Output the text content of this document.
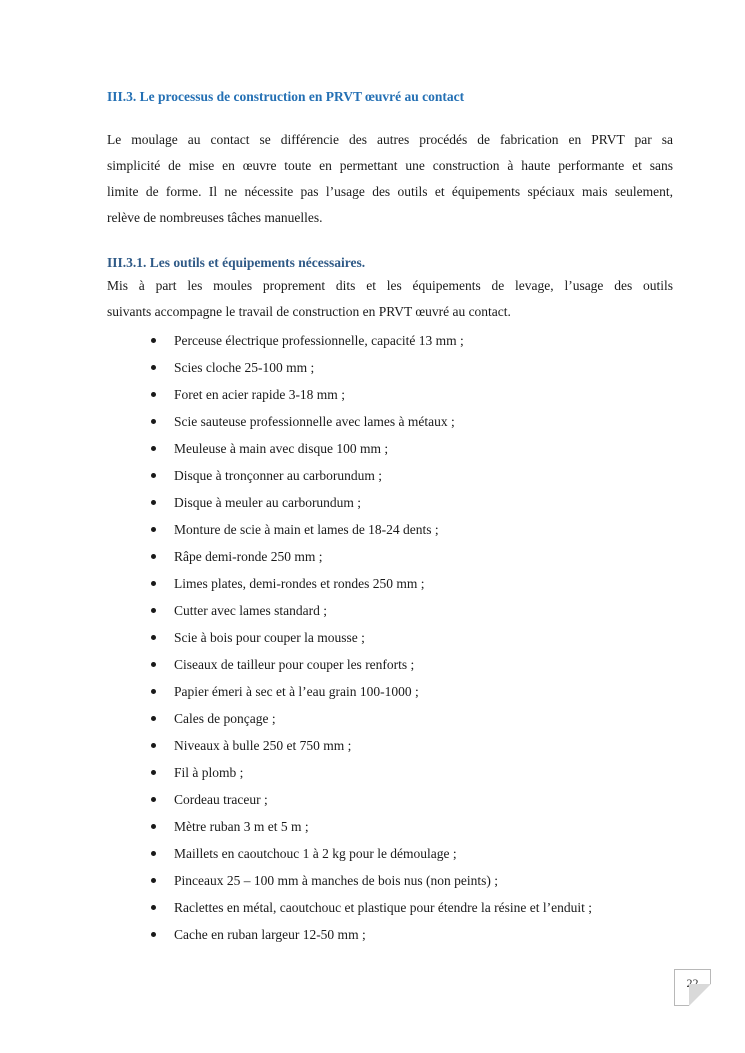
III.3. Le processus de construction en PRVT œuvré au contact
Le moulage au contact se différencie des autres procédés de fabrication en PRVT par sa
simplicité de mise en œuvre toute en permettant une construction à haute performante et sans
limite de forme. Il ne nécessite pas l’usage des outils et équipements spéciaux mais seulement,
relève de nombreuses tâches manuelles.
III.3.1. Les outils et équipements nécessaires.
Mis à part les moules proprement dits et les équipements de levage, l’usage des outils
suivants accompagne le travail de construction en PRVT œuvré au contact.
Perceuse électrique professionnelle, capacité 13 mm ;
Scies cloche 25-100 mm ;
Foret en acier rapide 3-18 mm ;
Scie sauteuse professionnelle avec lames à métaux ;
Meuleuse à main avec disque 100 mm ;
Disque à tronçonner au carborundum ;
Disque à meuler au carborundum ;
Monture de scie à main et lames de 18-24 dents ;
Râpe demi-ronde 250 mm ;
Limes plates, demi-rondes et rondes 250 mm ;
Cutter avec lames standard ;
Scie à bois pour couper la mousse ;
Ciseaux de tailleur pour couper les renforts ;
Papier émeri à sec et à l’eau grain 100-1000 ;
Cales de ponçage ;
Niveaux à bulle 250 et 750 mm ;
Fil à plomb ;
Cordeau traceur ;
Mètre ruban 3 m et 5 m ;
Maillets en caoutchouc 1 à 2 kg pour le démoulage ;
Pinceaux 25 – 100 mm à manches de bois nus (non peints) ;
Raclettes en métal, caoutchouc et plastique pour étendre la résine et l’enduit ;
Cache en ruban largeur 12-50 mm ;
22
